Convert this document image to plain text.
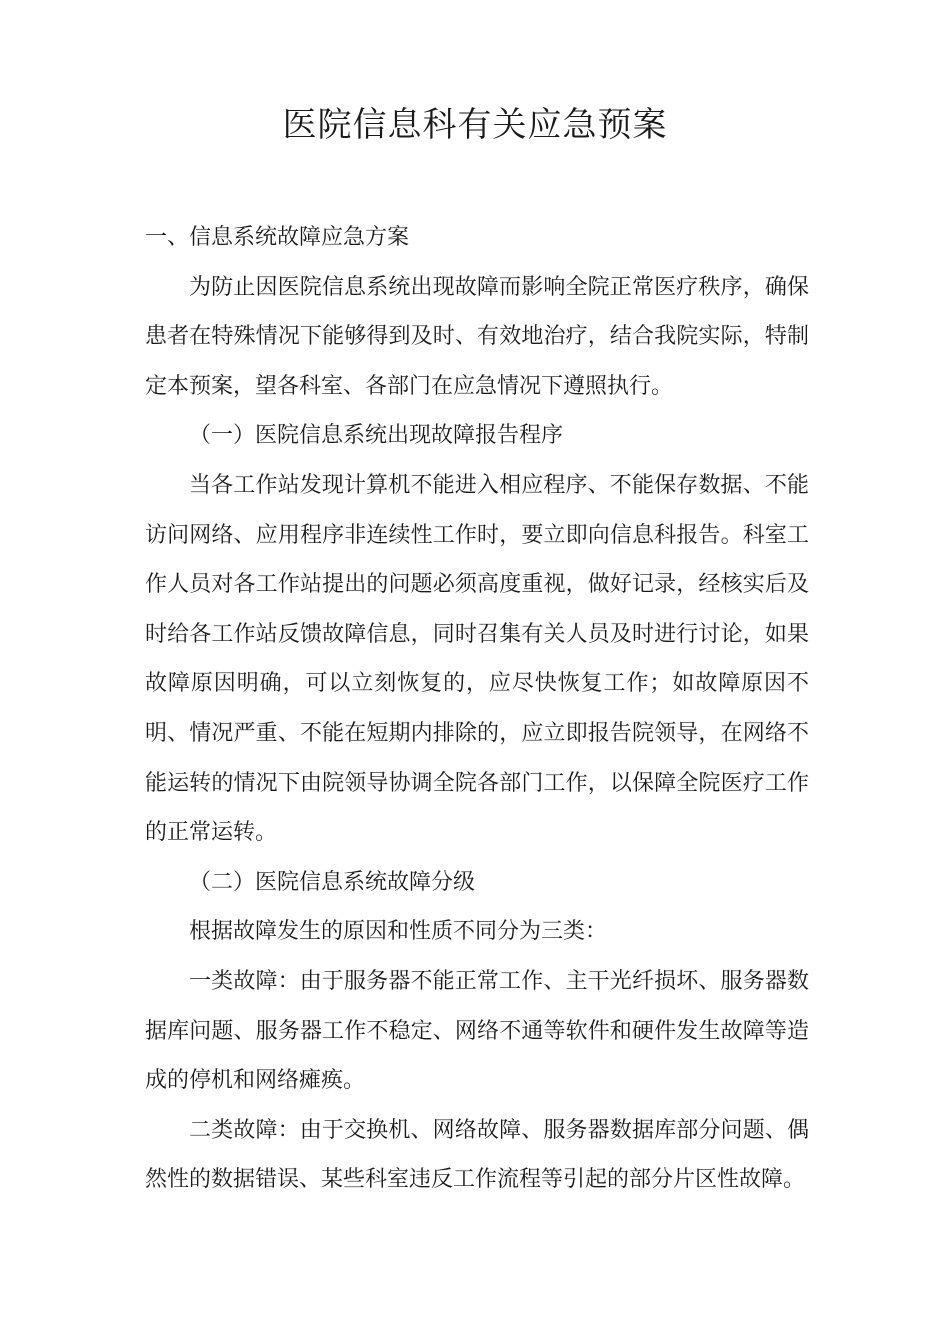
医院信息科有关应急预案

一、信息系统故障应急方案

为防止因医院信息系统出现故障而影响全院正常医疗秩序，确保患者在特殊情况下能够得到及时、有效地治疗，结合我院实际，特制定本预案，望各科室、各部门在应急情况下遵照执行。

（一）医院信息系统出现故障报告程序

当各工作站发现计算机不能进入相应程序、不能保存数据、不能访问网络、应用程序非连续性工作时，要立即向信息科报告。科室工作人员对各工作站提出的问题必须高度重视，做好记录，经核实后及时给各工作站反馈故障信息，同时召集有关人员及时进行讨论，如果故障原因明确，可以立刻恢复的，应尽快恢复工作；如故障原因不明、情况严重、不能在短期内排除的，应立即报告院领导，在网络不能运转的情况下由院领导协调全院各部门工作，以保障全院医疗工作的正常运转。

（二）医院信息系统故障分级

根据故障发生的原因和性质不同分为三类：

一类故障：由于服务器不能正常工作、主干光纤损坏、服务器数据库问题、服务器工作不稳定、网络不通等软件和硬件发生故障等造成的停机和网络瘫痪。

二类故障：由于交换机、网络故障、服务器数据库部分问题、偶然性的数据错误、某些科室违反工作流程等引起的部分片区性故障。
